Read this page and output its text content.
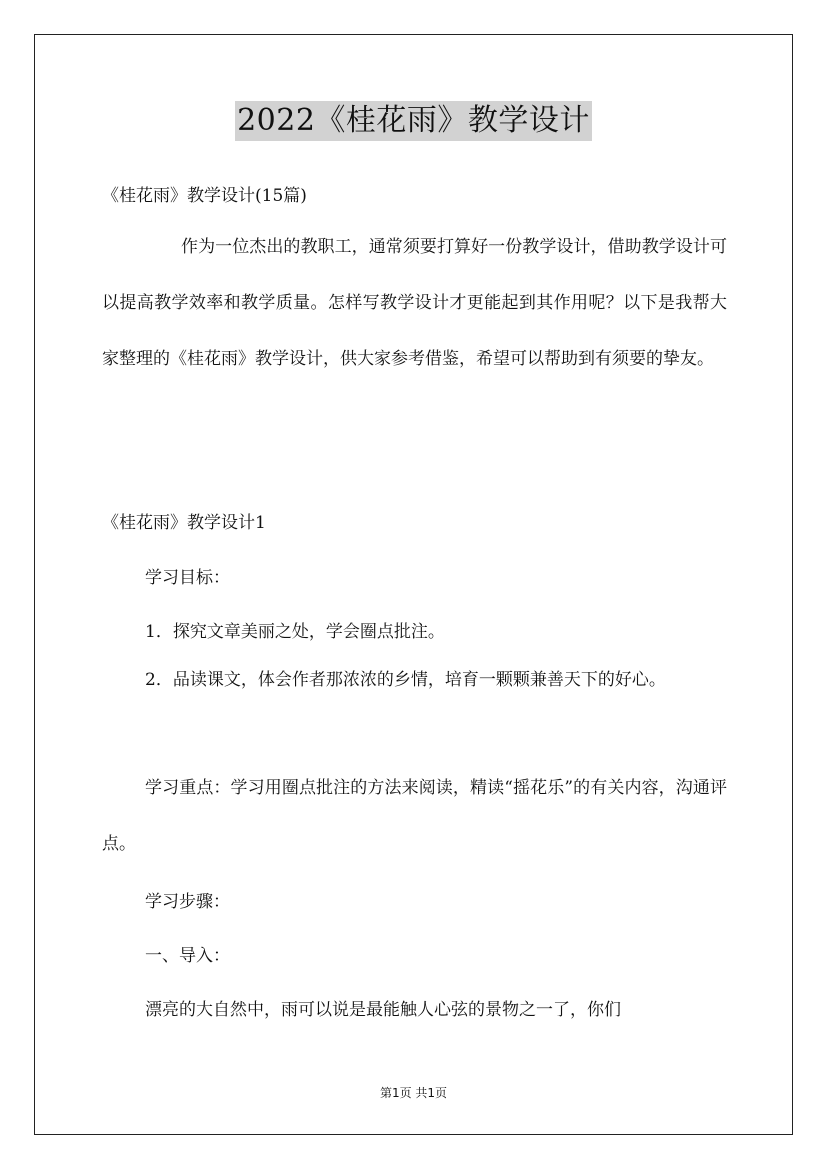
2022《桂花雨》教学设计
《桂花雨》教学设计(15篇)
作为一位杰出的教职工，通常须要打算好一份教学设计，借助教学设计可以提高教学效率和教学质量。怎样写教学设计才更能起到其作用呢？以下是我帮大家整理的《桂花雨》教学设计，供大家参考借鉴，希望可以帮助到有须要的挚友。
《桂花雨》教学设计1
学习目标：
1．探究文章美丽之处，学会圈点批注。
2．品读课文，体会作者那浓浓的乡情，培育一颗颗兼善天下的好心。
学习重点：学习用圈点批注的方法来阅读，精读“摇花乐”的有关内容，沟通评点。
学习步骤：
一、导入：
漂亮的大自然中，雨可以说是最能触人心弦的景物之一了，你们
第1页 共1页
